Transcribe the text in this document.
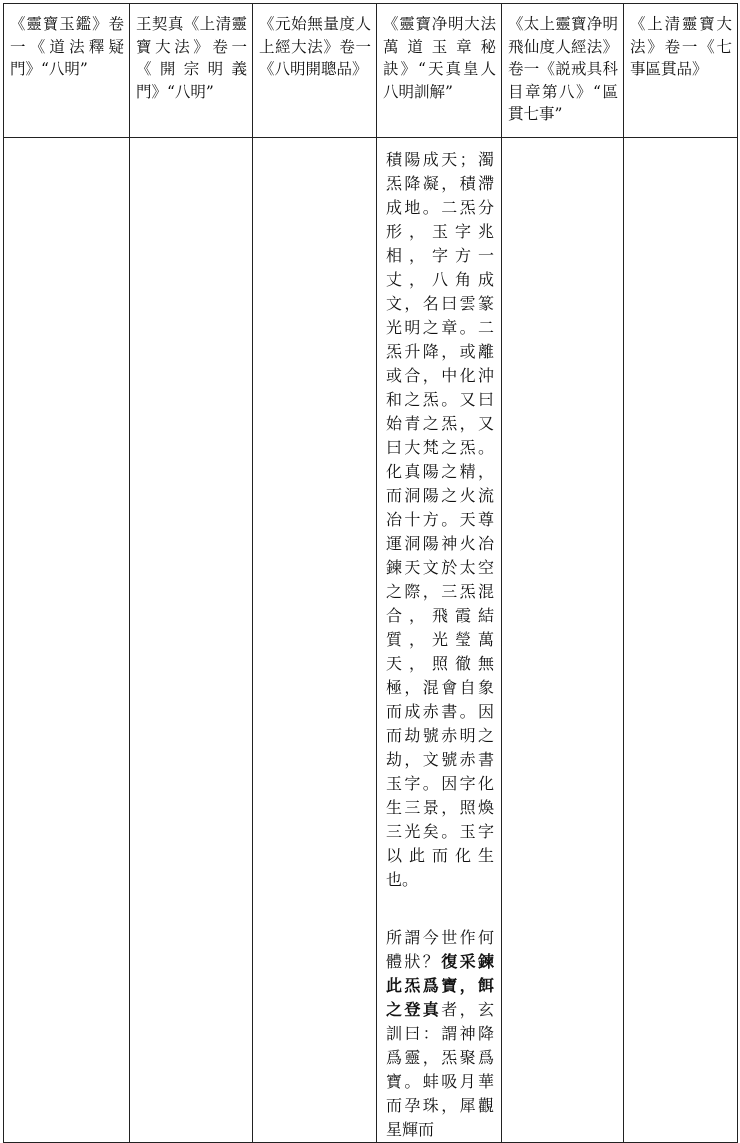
《靈寶玉鑑》卷一《道法釋疑門》“八明”	王契真《上清靈寶大法》卷一《開宗明義門》“八明”	《元始無量度人上經大法》卷一《八明開聰品》	《靈寶净明大法萬道玉章秘訣》“天真皇人八明訓解”	《太上靈寶净明飛仙度人經法》卷一《説戒具科目章第八》“區貫七事”	《上清靈寶大法》卷一《七事區貫品》

			積陽成天；濁炁降凝，積滯成地。二炁分形，玉字兆相，字方一丈，八角成文，名曰雲篆光明之章。二炁升降，或離或合，中化沖和之炁。又曰始青之炁，又曰大梵之炁。化真陽之精，而洞陽之火流冶十方。天尊運洞陽神火冶鍊天文於太空之際，三炁混合，飛霞結質，光瑩萬天，照徹無極，混會自象而成赤書。因而劫號赤明之劫，文號赤書玉字。因字化生三景，照煥三光矣。玉字以此而化生也。
所謂今世作何體狀？復采鍊此炁爲寶，餌之登真者，玄訓曰：謂神降爲靈，炁聚爲寶。蚌吸月華而孕珠，犀觀星輝而		
